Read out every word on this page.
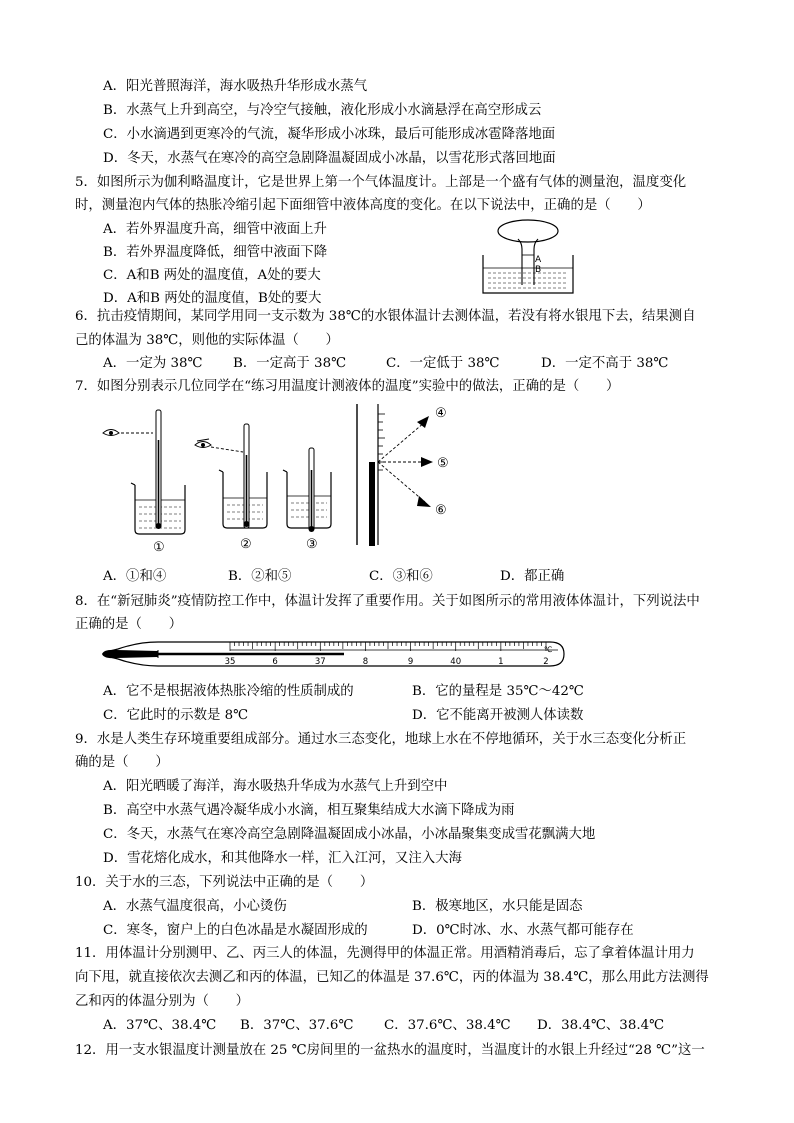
A．阳光普照海洋，海水吸热升华形成水蒸气
B．水蒸气上升到高空，与冷空气接触，液化形成小水滴悬浮在高空形成云
C．小水滴遇到更寒冷的气流，凝华形成小冰珠，最后可能形成冰雹降落地面
D．冬天，水蒸气在寒冷的高空急剧降温凝固成小冰晶，以雪花形式落回地面
5．如图所示为伽利略温度计，它是世界上第一个气体温度计。上部是一个盛有气体的测量泡，温度变化
时，测量泡内气体的热胀冷缩引起下面细管中液体高度的变化。在以下说法中，正确的是（　　）
A．若外界温度升高，细管中液面上升
B．若外界温度降低，细管中液面下降
C．A和B 两处的温度值，A处的要大
D．A和B 两处的温度值，B处的要大
A
B
6．抗击疫情期间，某同学用同一支示数为 38℃的水银体温计去测体温，若没有将水银甩下去，结果测自
己的体温为 38℃，则他的实际体温（　　）
A．一定为 38℃ B．一定高于 38℃	C．一定低于 38℃	D．一定不高于 38℃
7．如图分别表示几位同学在“练习用温度计测液体的温度”实验中的做法，正确的是（　　）
①	②	③
④
⑤
⑥
A．①和④	B．②和⑤	C．③和⑥	D．都正确
8．在“新冠肺炎”疫情防控工作中，体温计发挥了重要作用。关于如图所示的常用液体体温计，下列说法中
正确的是（　　）
35	6	37	8	9	40	1	2
℃
A．它不是根据液体热胀冷缩的性质制成的	B．它的量程是 35℃～42℃
C．它此时的示数是 8℃	D．它不能离开被测人体读数
9．水是人类生存环境重要组成部分。通过水三态变化，地球上水在不停地循环，关于水三态变化分析正
确的是（　　）
A．阳光晒暖了海洋，海水吸热升华成为水蒸气上升到空中
B．高空中水蒸气遇冷凝华成小水滴，相互聚集结成大水滴下降成为雨
C．冬天，水蒸气在寒冷高空急剧降温凝固成小冰晶，小冰晶聚集变成雪花飘满大地
D．雪花熔化成水，和其他降水一样，汇入江河，又注入大海
10．关于水的三态，下列说法中正确的是（　　）
A．水蒸气温度很高，小心烫伤	B．极寒地区，水只能是固态
C．寒冬，窗户上的白色冰晶是水凝固形成的	D．0℃时冰、水、水蒸气都可能存在
11．用体温计分别测甲、乙、丙三人的体温，先测得甲的体温正常。用酒精消毒后，忘了拿着体温计用力
向下甩，就直接依次去测乙和丙的体温，已知乙的体温是 37.6℃，丙的体温为 38.4℃，那么用此方法测得
乙和丙的体温分别为（　　）
A．37℃、38.4℃ B．37℃、37.6℃ C．37.6℃、38.4℃ D．38.4℃、38.4℃
12．用一支水银温度计测量放在 25 ℃房间里的一盆热水的温度时，当温度计的水银上升经过“28 ℃”这一
